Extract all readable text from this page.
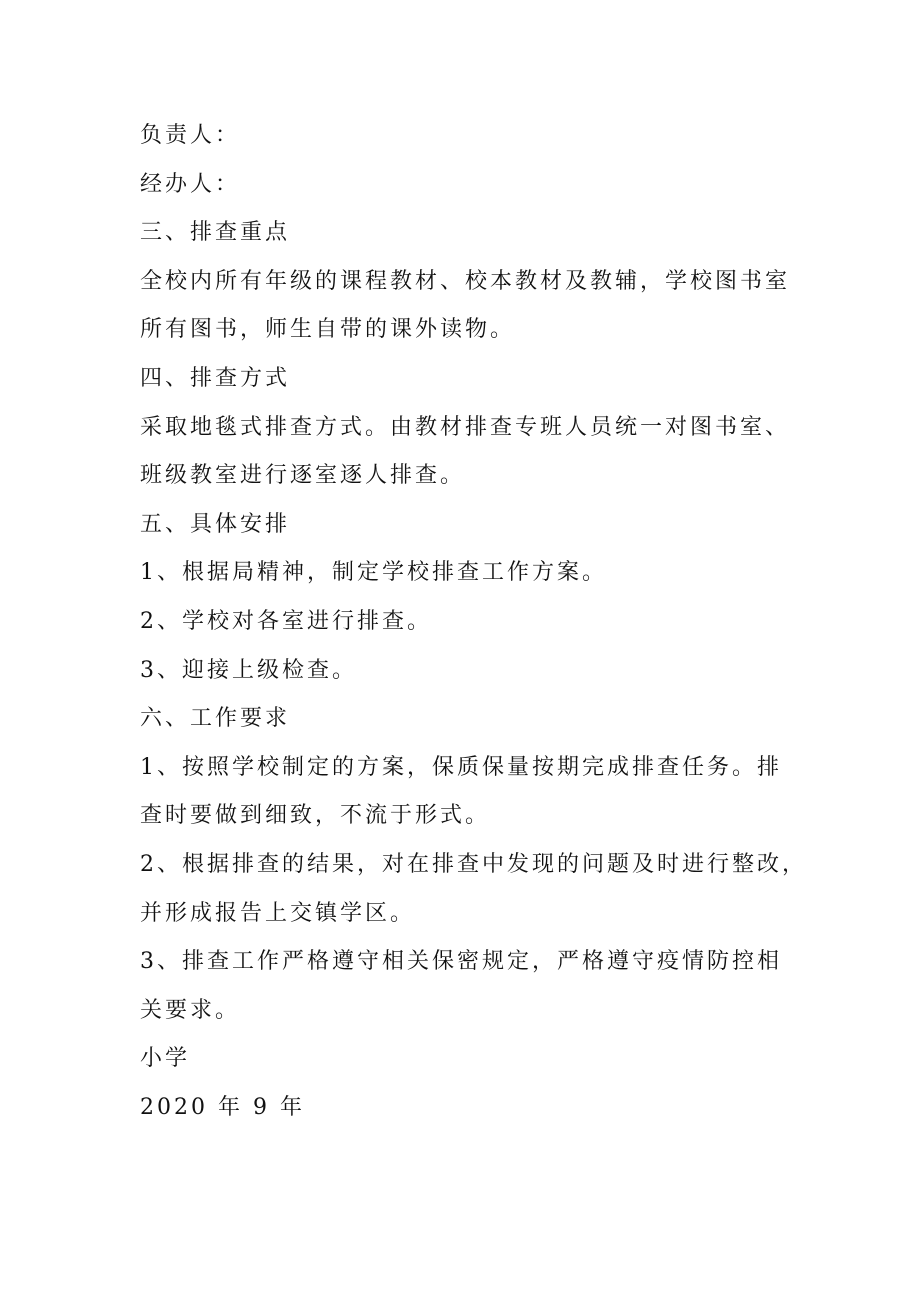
负责人：

经办人：

三、排查重点

全校内所有年级的课程教材、校本教材及教辅，学校图书室

所有图书，师生自带的课外读物。

四、排查方式

采取地毯式排查方式。由教材排查专班人员统一对图书室、

班级教室进行逐室逐人排查。

五、具体安排

1、根据局精神，制定学校排查工作方案。

2、学校对各室进行排查。

3、迎接上级检查。

六、工作要求

1、按照学校制定的方案，保质保量按期完成排查任务。排

查时要做到细致，不流于形式。

2、根据排查的结果，对在排查中发现的问题及时进行整改，

并形成报告上交镇学区。

3、排查工作严格遵守相关保密规定，严格遵守疫情防控相

关要求。

小学

2020 年 9 年
